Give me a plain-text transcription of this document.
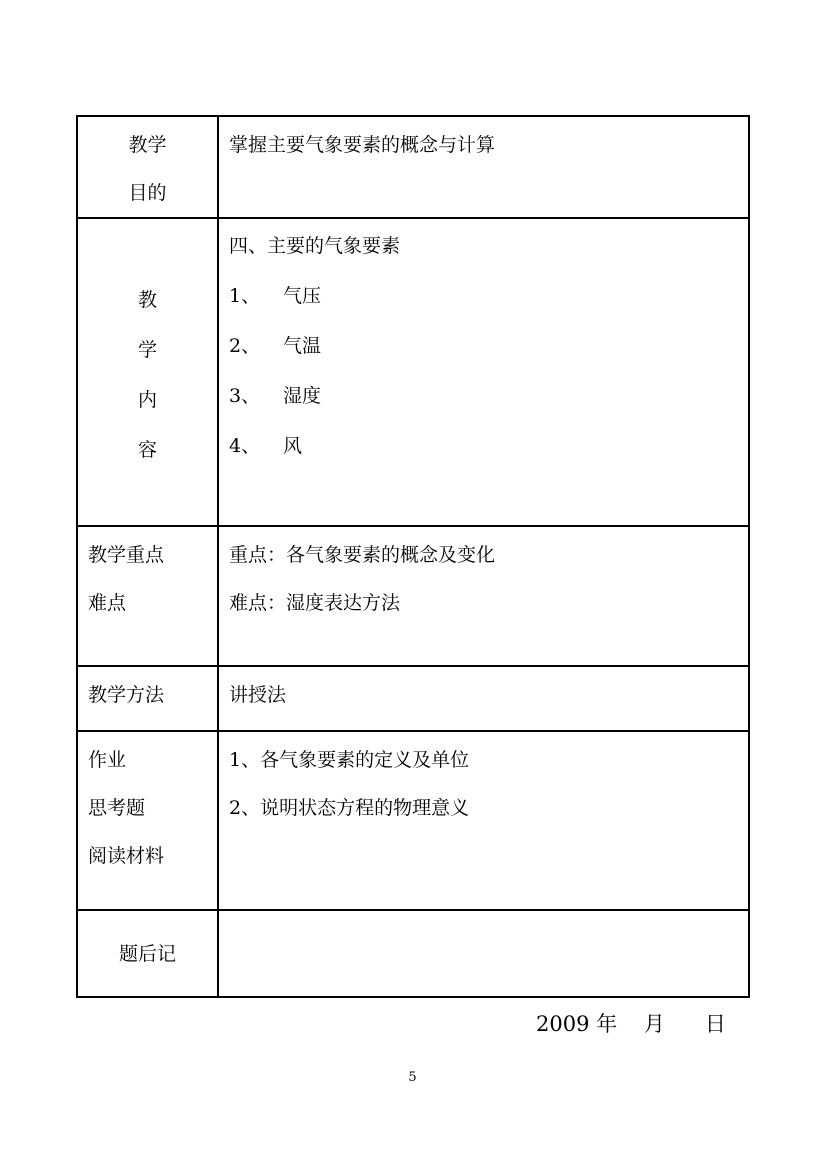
教学
目的	掌握主要气象要素的概念与计算

教
学
内
容	四、主要的气象要素
1、 气压
2、 气温
3、 湿度
4、 风

教学重点
难点	重点：各气象要素的概念及变化
难点：湿度表达方法

教学方法	讲授法

作业
思考题
阅读材料	1、各气象要素的定义及单位
2、说明状态方程的物理意义

题后记	
2009 年    月      日
5
